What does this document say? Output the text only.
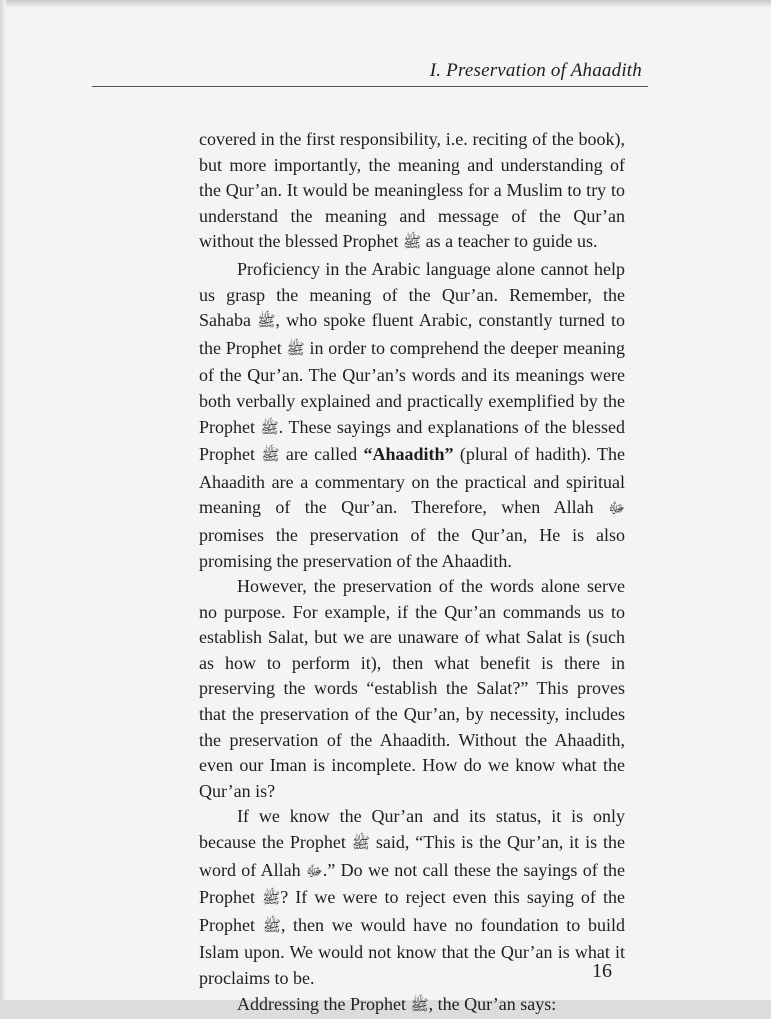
I. Preservation of Ahaadith

covered in the first responsibility, i.e. reciting of the book), but more importantly, the meaning and understanding of the Qur’an. It would be meaningless for a Muslim to try to understand the meaning and message of the Qur’an without the blessed Prophet ﷺ as a teacher to guide us.

Proficiency in the Arabic language alone cannot help us grasp the meaning of the Qur’an. Remember, the Sahaba ﷺ, who spoke fluent Arabic, constantly turned to the Prophet ﷺ in order to comprehend the deeper meaning of the Qur’an. The Qur’an’s words and its meanings were both verbally explained and practically exemplified by the Prophet ﷺ. These sayings and explanations of the blessed Prophet ﷺ are called “Ahaadith” (plural of hadith). The Ahaadith are a commentary on the practical and spiritual meaning of the Qur’an. Therefore, when Allah ﷻ promises the preservation of the Qur’an, He is also promising the preservation of the Ahaadith.

However, the preservation of the words alone serve no purpose. For example, if the Qur’an commands us to establish Salat, but we are unaware of what Salat is (such as how to perform it), then what benefit is there in preserving the words “establish the Salat?” This proves that the preservation of the Qur’an, by necessity, includes the preservation of the Ahaadith. Without the Ahaadith, even our Iman is incomplete. How do we know what the Qur’an is?

If we know the Qur’an and its status, it is only because the Prophet ﷺ said, “This is the Qur’an, it is the word of Allah ﷻ.” Do we not call these the sayings of the Prophet ﷺ? If we were to reject even this saying of the Prophet ﷺ, then we would have no foundation to build Islam upon. We would not know that the Qur’an is what it proclaims to be.

Addressing the Prophet ﷺ, the Qur’an says:

16
